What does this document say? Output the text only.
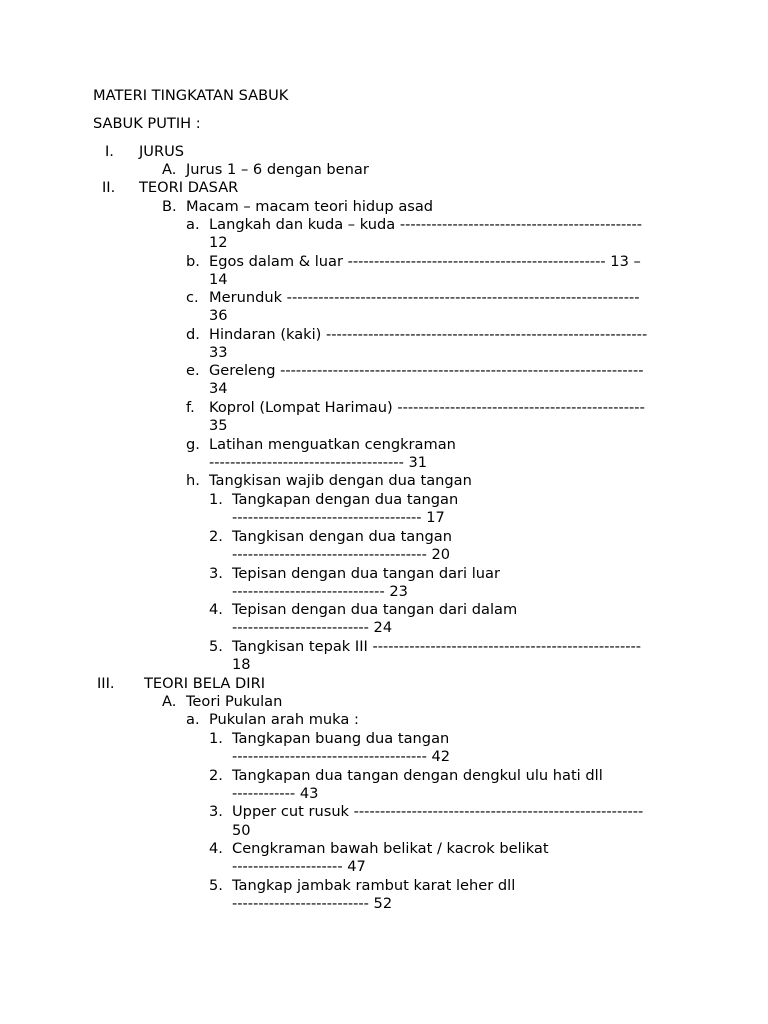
MATERI TINGKATAN SABUK
SABUK PUTIH :
I. JURUS
A. Jurus 1 – 6 dengan benar
II. TEORI DASAR
B. Macam – macam teori hidup asad
a. Langkah dan kuda – kuda ----------------------------------------------
12
b. Egos dalam & luar ------------------------------------------------- 13 –
14
c. Merunduk -------------------------------------------------------------------
36
d. Hindaran (kaki) -------------------------------------------------------------
33
e. Gereleng ---------------------------------------------------------------------
34
f. Koprol (Lompat Harimau) -----------------------------------------------
35
g. Latihan menguatkan cengkraman
------------------------------------- 31
h. Tangkisan wajib dengan dua tangan
1. Tangkapan dengan dua tangan
------------------------------------ 17
2. Tangkisan dengan dua tangan
------------------------------------- 20
3. Tepisan dengan dua tangan dari luar
----------------------------- 23
4. Tepisan dengan dua tangan dari dalam
-------------------------- 24
5. Tangkisan tepak III ---------------------------------------------------
18
III. TEORI BELA DIRI
A. Teori Pukulan
a. Pukulan arah muka :
1. Tangkapan buang dua tangan
------------------------------------- 42
2. Tangkapan dua tangan dengan dengkul ulu hati dll
------------ 43
3. Upper cut rusuk -------------------------------------------------------
50
4. Cengkraman bawah belikat / kacrok belikat
--------------------- 47
5. Tangkap jambak rambut karat leher dll
-------------------------- 52
